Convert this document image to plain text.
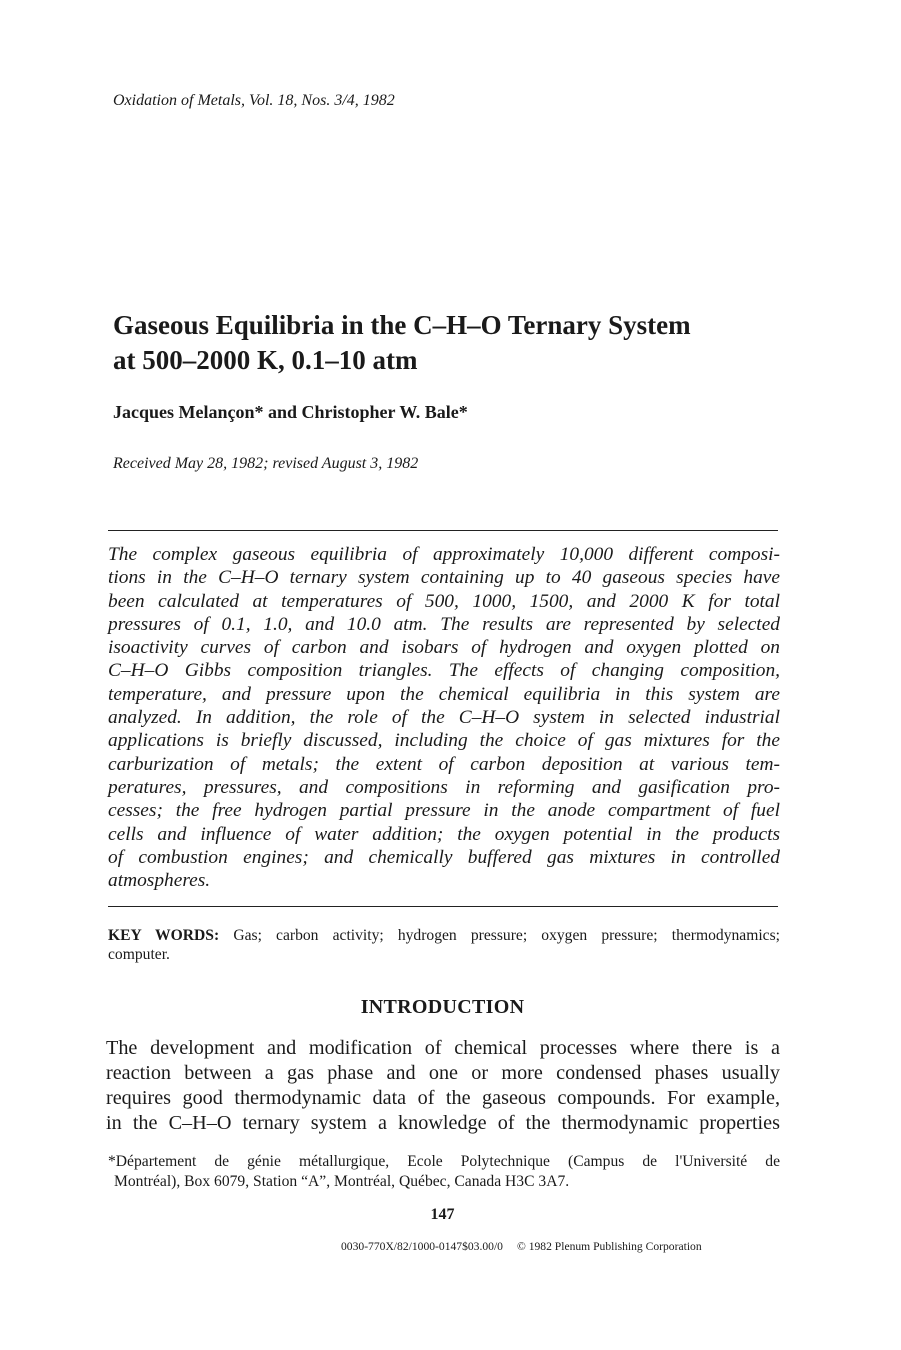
Oxidation of Metals, Vol. 18, Nos. 3/4, 1982
Gaseous Equilibria in the C–H–O Ternary System
at 500–2000 K, 0.1–10 atm
Jacques Melançon* and Christopher W. Bale*
Received May 28, 1982; revised August 3, 1982
The complex gaseous equilibria of approximately 10,000 different composi-
tions in the C–H–O ternary system containing up to 40 gaseous species have
been calculated at temperatures of 500, 1000, 1500, and 2000 K for total
pressures of 0.1, 1.0, and 10.0 atm. The results are represented by selected
isoactivity curves of carbon and isobars of hydrogen and oxygen plotted on
C–H–O Gibbs composition triangles. The effects of changing composition,
temperature, and pressure upon the chemical equilibria in this system are
analyzed. In addition, the role of the C–H–O system in selected industrial
applications is briefly discussed, including the choice of gas mixtures for the
carburization of metals; the extent of carbon deposition at various tem-
peratures, pressures, and compositions in reforming and gasification pro-
cesses; the free hydrogen partial pressure in the anode compartment of fuel
cells and influence of water addition; the oxygen potential in the products
of combustion engines; and chemically buffered gas mixtures in controlled
atmospheres.
KEY WORDS: Gas; carbon activity; hydrogen pressure; oxygen pressure; thermodynamics;
computer.
INTRODUCTION
The development and modification of chemical processes where there is a
reaction between a gas phase and one or more condensed phases usually
requires good thermodynamic data of the gaseous compounds. For example,
in the C–H–O ternary system a knowledge of the thermodynamic properties
*Département de génie métallurgique, Ecole Polytechnique (Campus de l'Université de
Montréal), Box 6079, Station “A”, Montréal, Québec, Canada H3C 3A7.
147
0030-770X/82/1000-0147$03.00/0 © 1982 Plenum Publishing Corporation
